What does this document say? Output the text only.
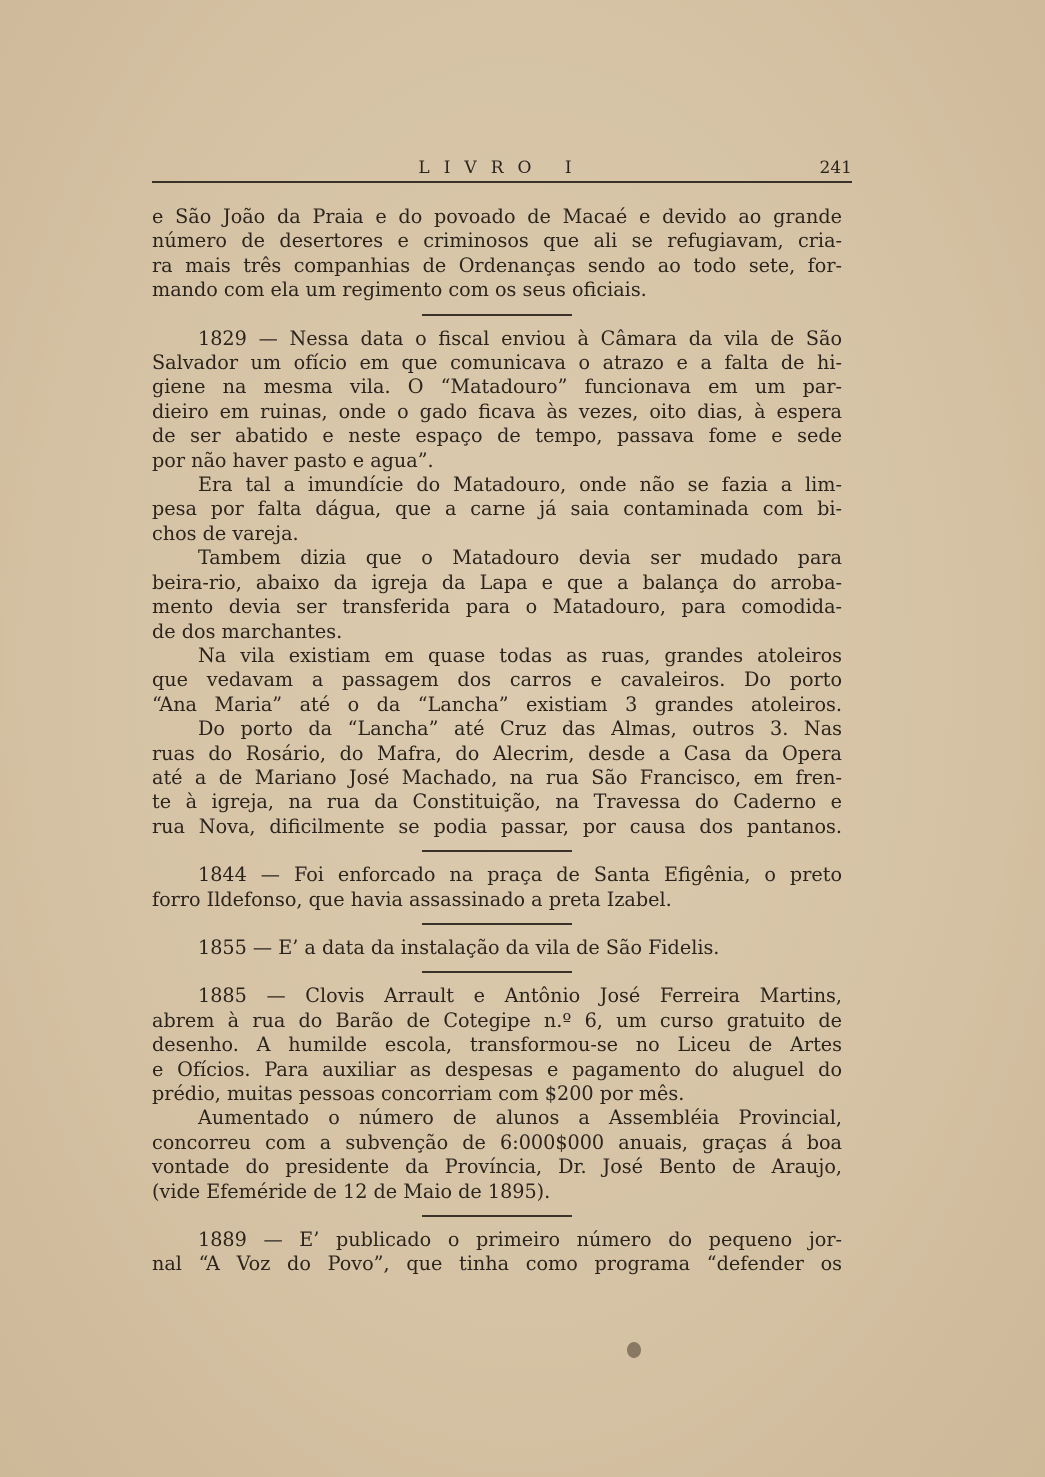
LIVRO I	241
e São João da Praia e do povoado de Macaé e devido ao grande
número de desertores e criminosos que ali se refugiavam, cria-
ra mais três companhias de Ordenanças sendo ao todo sete, for-
mando com ela um regimento com os seus oficiais.
1829 — Nessa data o fiscal enviou à Câmara da vila de São
Salvador um ofício em que comunicava o atrazo e a falta de hi-
giene na mesma vila. O “Matadouro” funcionava em um par-
dieiro em ruinas, onde o gado ficava às vezes, oito dias, à espera
de ser abatido e neste espaço de tempo, passava fome e sede
por não haver pasto e agua”.
Era tal a imundície do Matadouro, onde não se fazia a lim-
pesa por falta dágua, que a carne já saia contaminada com bi-
chos de vareja.
Tambem dizia que o Matadouro devia ser mudado para
beira-rio, abaixo da igreja da Lapa e que a balança do arroba-
mento devia ser transferida para o Matadouro, para comodida-
de dos marchantes.
Na vila existiam em quase todas as ruas, grandes atoleiros
que vedavam a passagem dos carros e cavaleiros. Do porto
“Ana Maria” até o da “Lancha” existiam 3 grandes atoleiros.
Do porto da “Lancha” até Cruz das Almas, outros 3. Nas
ruas do Rosário, do Mafra, do Alecrim, desde a Casa da Opera
até a de Mariano José Machado, na rua São Francisco, em fren-
te à igreja, na rua da Constituição, na Travessa do Caderno e
rua Nova, dificilmente se podia passar, por causa dos pantanos.
1844 — Foi enforcado na praça de Santa Efigênia, o preto
forro Ildefonso, que havia assassinado a preta Izabel.
1855 — E’ a data da instalação da vila de São Fidelis.
1885 — Clovis Arrault e Antônio José Ferreira Martins,
abrem à rua do Barão de Cotegipe n.º 6, um curso gratuito de
desenho. A humilde escola, transformou-se no Liceu de Artes
e Ofícios. Para auxiliar as despesas e pagamento do aluguel do
prédio, muitas pessoas concorriam com $200 por mês.
Aumentado o número de alunos a Assembléia Provincial,
concorreu com a subvenção de 6:000$000 anuais, graças á boa
vontade do presidente da Província, Dr. José Bento de Araujo,
(vide Efeméride de 12 de Maio de 1895).
1889 — E’ publicado o primeiro número do pequeno jor-
nal “A Voz do Povo”, que tinha como programa “defender os
